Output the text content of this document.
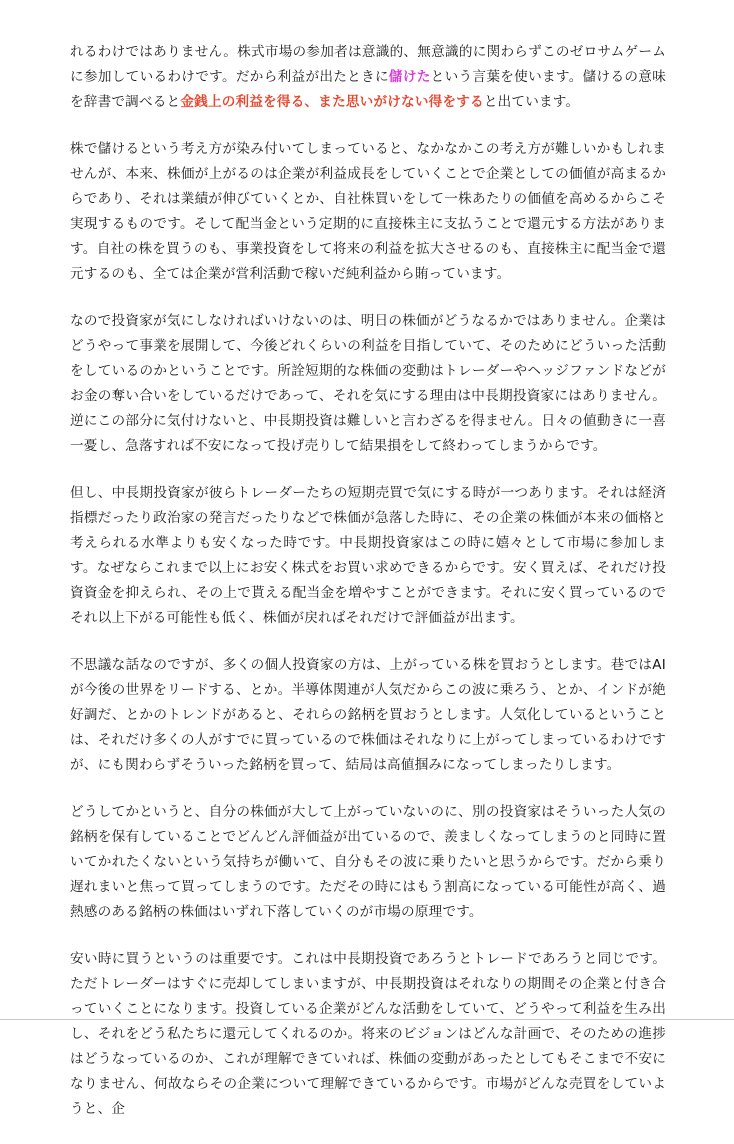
れるわけではありません。株式市場の参加者は意識的、無意識的に関わらずこのゼロサムゲームに参加しているわけです。だから利益が出たときに儲けたという言葉を使います。儲けるの意味を辞書で調べると金銭上の利益を得る、また思いがけない得をすると出ています。

株で儲けるという考え方が染み付いてしまっていると、なかなかこの考え方が難しいかもしれませんが、本来、株価が上がるのは企業が利益成長をしていくことで企業としての価値が高まるからであり、それは業績が伸びていくとか、自社株買いをして一株あたりの価値を高めるからこそ実現するものです。そして配当金という定期的に直接株主に支払うことで還元する方法があります。自社の株を買うのも、事業投資をして将来の利益を拡大させるのも、直接株主に配当金で還元するのも、全ては企業が営利活動で稼いだ純利益から賄っています。

なので投資家が気にしなければいけないのは、明日の株価がどうなるかではありません。企業はどうやって事業を展開して、今後どれくらいの利益を目指していて、そのためにどういった活動をしているのかということです。所詮短期的な株価の変動はトレーダーやヘッジファンドなどがお金の奪い合いをしているだけであって、それを気にする理由は中長期投資家にはありません。逆にこの部分に気付けないと、中長期投資は難しいと言わざるを得ません。日々の値動きに一喜一憂し、急落すれば不安になって投げ売りして結果損をして終わってしまうからです。

但し、中長期投資家が彼らトレーダーたちの短期売買で気にする時が一つあります。それは経済指標だったり政治家の発言だったりなどで株価が急落した時に、その企業の株価が本来の価格と考えられる水準よりも安くなった時です。中長期投資家はこの時に嬉々として市場に参加します。なぜならこれまで以上にお安く株式をお買い求めできるからです。安く買えば、それだけ投資資金を抑えられ、その上で貰える配当金を増やすことができます。それに安く買っているのでそれ以上下がる可能性も低く、株価が戻ればそれだけで評価益が出ます。

不思議な話なのですが、多くの個人投資家の方は、上がっている株を買おうとします。巷ではAIが今後の世界をリードする、とか。半導体関連が人気だからこの波に乗ろう、とか、インドが絶好調だ、とかのトレンドがあると、それらの銘柄を買おうとします。人気化しているということは、それだけ多くの人がすでに買っているので株価はそれなりに上がってしまっているわけですが、にも関わらずそういった銘柄を買って、結局は高値掴みになってしまったりします。

どうしてかというと、自分の株価が大して上がっていないのに、別の投資家はそういった人気の銘柄を保有していることでどんどん評価益が出ているので、羨ましくなってしまうのと同時に置いてかれたくないという気持ちが働いて、自分もその波に乗りたいと思うからです。だから乗り遅れまいと焦って買ってしまうのです。ただその時にはもう割高になっている可能性が高く、過熱感のある銘柄の株価はいずれ下落していくのが市場の原理です。

安い時に買うというのは重要です。これは中長期投資であろうとトレードであろうと同じです。ただトレーダーはすぐに売却してしまいますが、中長期投資はそれなりの期間その企業と付き合っていくことになります。投資している企業がどんな活動をしていて、どうやって利益を生み出し、それをどう私たちに還元してくれるのか。将来のビジョンはどんな計画で、そのための進捗はどうなっているのか、これが理解できていれば、株価の変動があったとしてもそこまで不安になりません、何故ならその企業について理解できているからです。市場がどんな売買をしていようと、企
